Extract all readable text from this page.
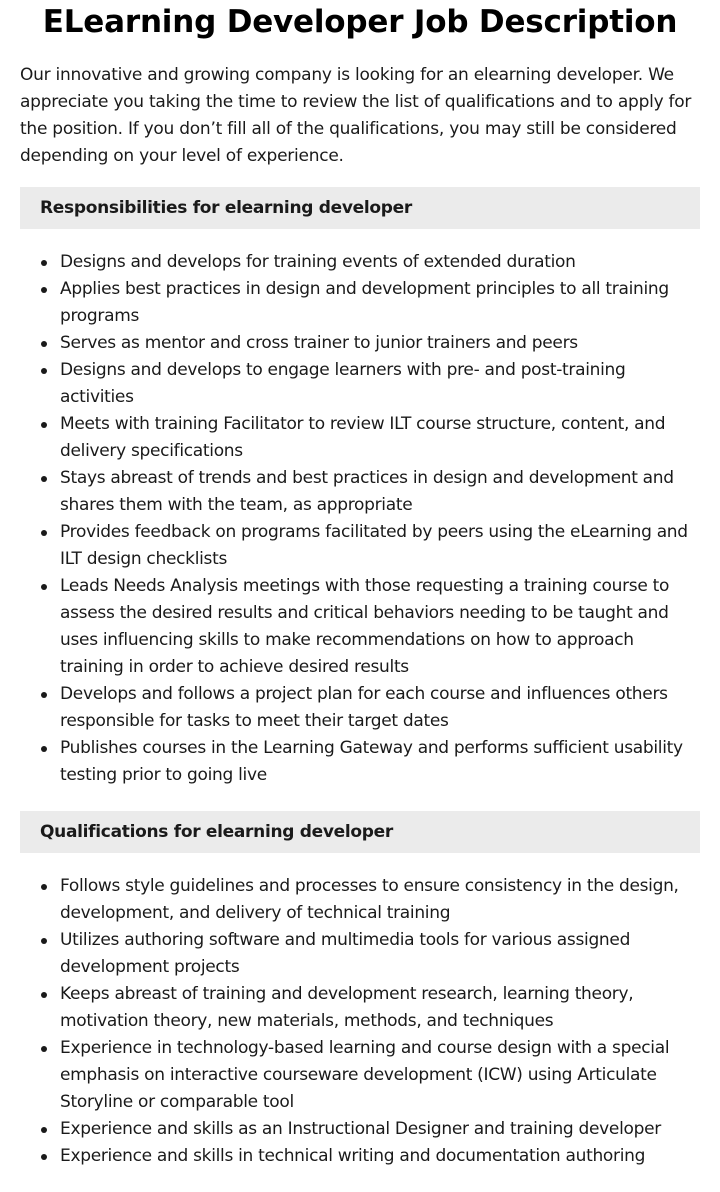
ELearning Developer Job Description

Our innovative and growing company is looking for an elearning developer. We appreciate you taking the time to review the list of qualifications and to apply for the position. If you don’t fill all of the qualifications, you may still be considered depending on your level of experience.

Responsibilities for elearning developer
Designs and develops for training events of extended duration
Applies best practices in design and development principles to all training programs
Serves as mentor and cross trainer to junior trainers and peers
Designs and develops to engage learners with pre- and post-training activities
Meets with training Facilitator to review ILT course structure, content, and delivery specifications
Stays abreast of trends and best practices in design and development and shares them with the team, as appropriate
Provides feedback on programs facilitated by peers using the eLearning and ILT design checklists
Leads Needs Analysis meetings with those requesting a training course to assess the desired results and critical behaviors needing to be taught and uses influencing skills to make recommendations on how to approach training in order to achieve desired results
Develops and follows a project plan for each course and influences others responsible for tasks to meet their target dates
Publishes courses in the Learning Gateway and performs sufficient usability testing prior to going live
Qualifications for elearning developer
Follows style guidelines and processes to ensure consistency in the design, development, and delivery of technical training
Utilizes authoring software and multimedia tools for various assigned development projects
Keeps abreast of training and development research, learning theory, motivation theory, new materials, methods, and techniques
Experience in technology-based learning and course design with a special emphasis on interactive courseware development (ICW) using Articulate Storyline or comparable tool
Experience and skills as an Instructional Designer and training developer
Experience and skills in technical writing and documentation authoring
